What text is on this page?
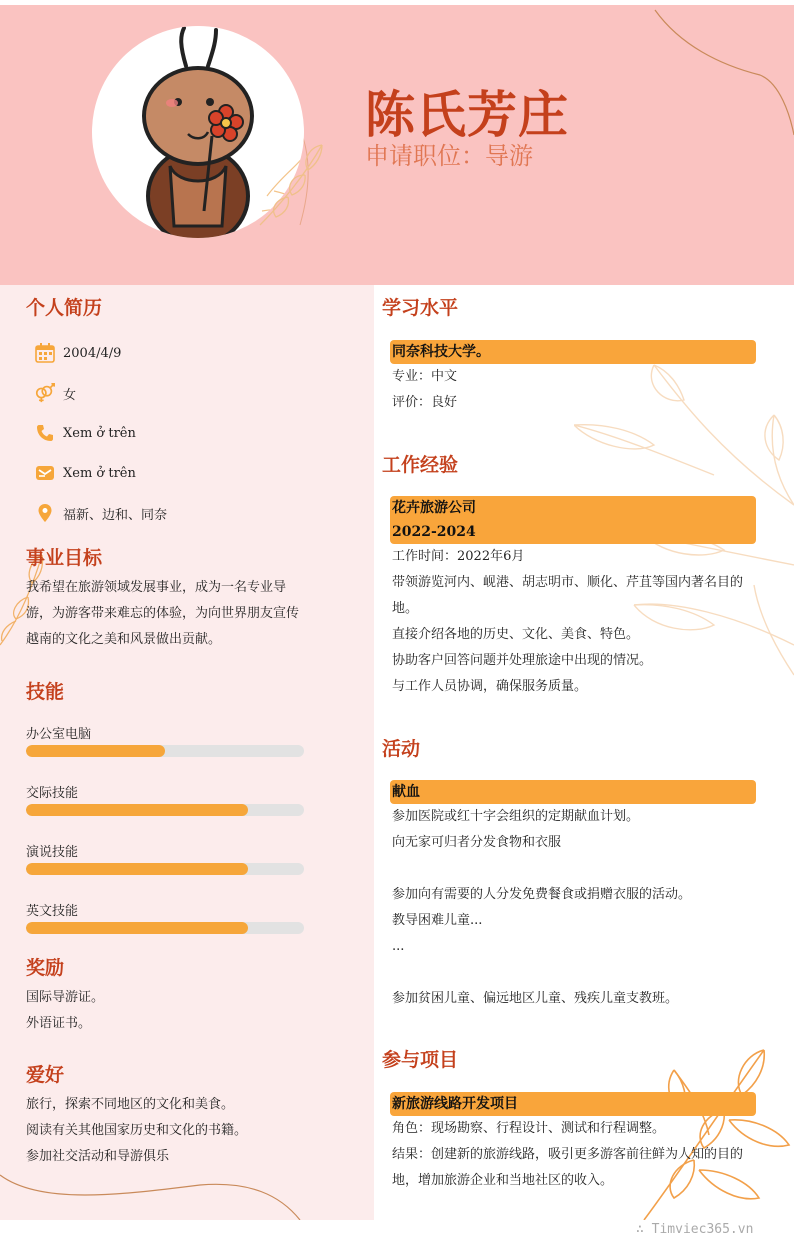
陈氏芳庄
申请职位：导游
个人简历
2004/4/9
女
Xem ở trên
Xem ở trên
福新、边和、同奈
事业目标
我希望在旅游领域发展事业，成为一名专业导游，为游客带来难忘的体验，为向世界朋友宣传越南的文化之美和风景做出贡献。
技能
办公室电脑
交际技能
演说技能
英文技能
奖励
国际导游证。
外语证书。
爱好
旅行，探索不同地区的文化和美食。
阅读有关其他国家历史和文化的书籍。
参加社交活动和导游俱乐
学习水平
同奈科技大学。
专业：中文
评价：良好
工作经验
花卉旅游公司
2022-2024
工作时间：2022年6月
带领游览河内、岘港、胡志明市、顺化、芹苴等国内著名目的地。
直接介绍各地的历史、文化、美食、特色。
协助客户回答问题并处理旅途中出现的情况。
与工作人员协调，确保服务质量。
活动
献血
参加医院或红十字会组织的定期献血计划。
向无家可归者分发食物和衣服
参加向有需要的人分发免费餐食或捐赠衣服的活动。
教导困难儿童...
...
参加贫困儿童、偏远地区儿童、残疾儿童支教班。
参与项目
新旅游线路开发项目
角色：现场勘察、行程设计、测试和行程调整。
结果：创建新的旅游线路，吸引更多游客前往鲜为人知的目的地，增加旅游企业和当地社区的收入。
∴ Timviec365.vn
